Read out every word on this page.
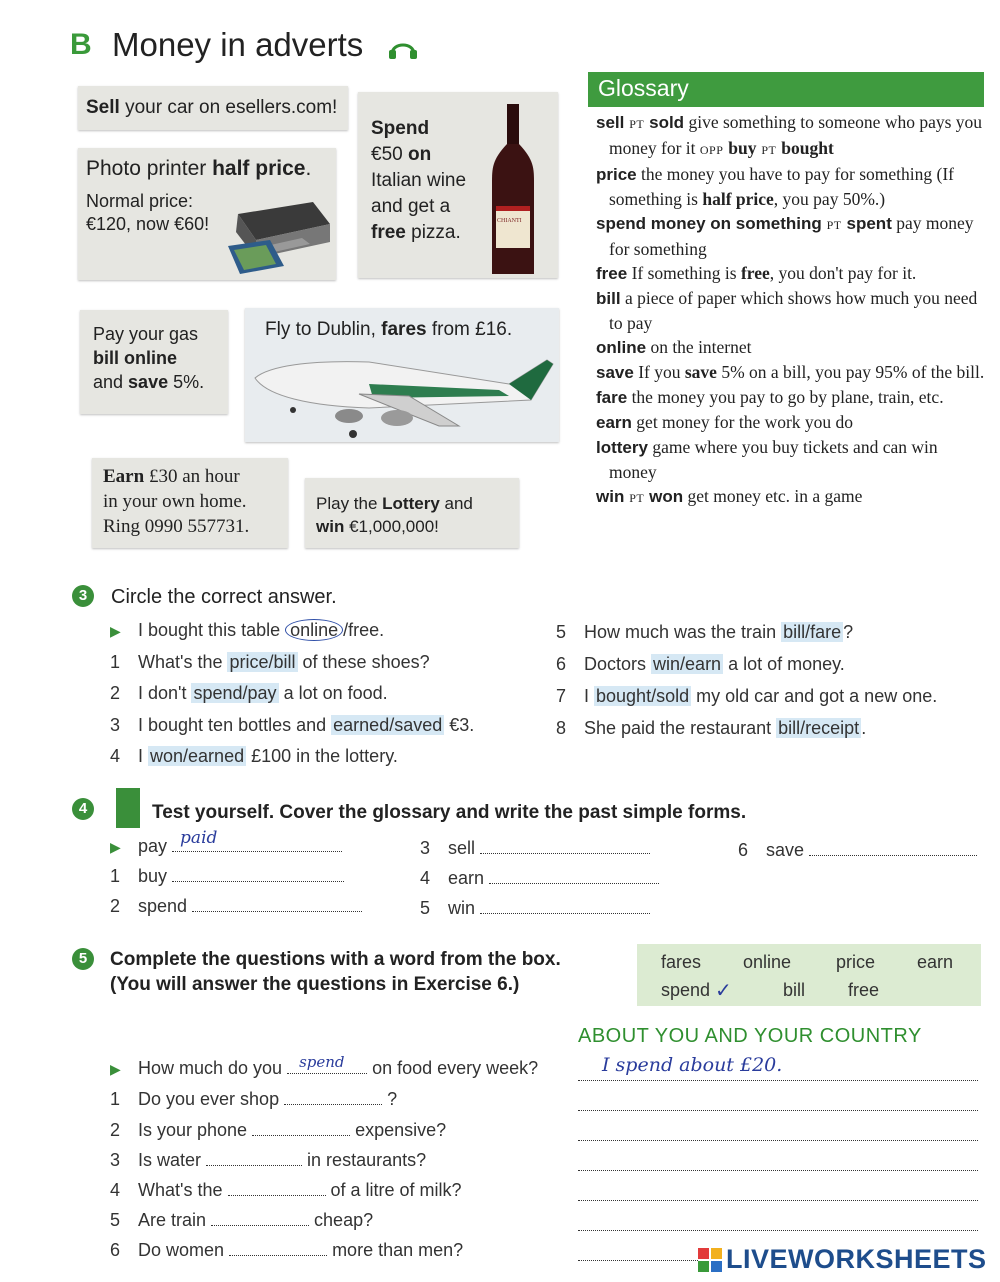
B Money in adverts
Sell your car on esellers.com!
Photo printer half price.
Normal price:
€120, now €60!
Spend
€50 on
Italian wine
and get a
free pizza.
CHIANTI
Pay your gas
bill online
and save 5%.
Fly to Dublin, fares from £16.
Earn £30 an hour
in your own home.
Ring 0990 557731.
Play the Lottery and
win €1,000,000!
Glossary
sell PT sold give something to someone who pays you money for it OPP buy PT bought
price the money you have to pay for something (If something is half price, you pay 50%.)
spend money on something PT spent pay money for something
free If something is free, you don't pay for it.
bill a piece of paper which shows how much you need to pay
online on the internet
save If you save 5% on a bill, you pay 95% of the bill.
fare the money you pay to go by plane, train, etc.
earn get money for the work you do
lottery game where you buy tickets and can win money
win PT won get money etc. in a game
3	Circle the correct answer.
▶ I bought this table online /free.
1 What's the price/bill of these shoes?
2 I don't spend/pay a lot on food.
3 I bought ten bottles and earned/saved €3.
4 I won/earned £100 in the lottery.
5 How much was the train bill/fare ?
6 Doctors win/earn a lot of money.
7 I bought/sold my old car and got a new one.
8 She paid the restaurant bill/receipt .
4	Test yourself. Cover the glossary and write the past simple forms.
▶ pay paid
1 buy
2 spend
3 sell
4 earn
5 win
6 save
5	Complete the questions with a word from the box.
(You will answer the questions in Exercise 6.)
fares online price earn
spend ✓	bill free
ABOUT YOU AND YOUR COUNTRY
▶ How much do you spend on food every week?	I spend about £20.
1 Do you ever shop	?
2 Is your phone	expensive?
3 Is water	in restaurants?
4 What's the	of a litre of milk?
5 Are train	cheap?
6 Do women	more than men?	LIVEWORKSHEETS
